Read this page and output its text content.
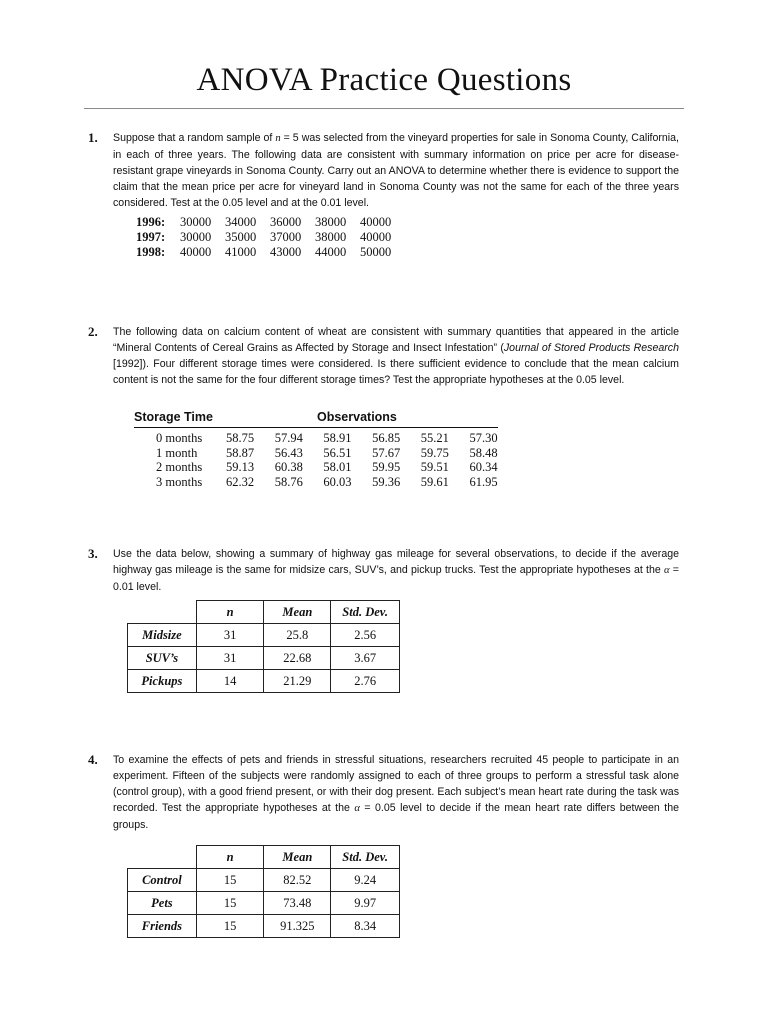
ANOVA Practice Questions
1. Suppose that a random sample of n = 5 was selected from the vineyard properties for sale in Sonoma County, California, in each of three years. The following data are consistent with summary information on price per acre for disease-resistant grape vineyards in Sonoma County. Carry out an ANOVA to determine whether there is evidence to support the claim that the mean price per acre for vineyard land in Sonoma County was not the same for each of the three years considered. Test at the 0.05 level and at the 0.01 level.
1996: 30000 34000 36000 38000 40000
1997: 30000 35000 37000 38000 40000
1998: 40000 41000 43000 44000 50000
2. The following data on calcium content of wheat are consistent with summary quantities that appeared in the article “Mineral Contents of Cereal Grains as Affected by Storage and Insect Infestation” (Journal of Stored Products Research [1992]). Four different storage times were considered. Is there sufficient evidence to conclude that the mean calcium content is not the same for the four different storage times? Test the appropriate hypotheses at the 0.05 level.
Storage Time	Observations
0 months 58.75 57.94 58.91 56.85 55.21 57.30
1 month 58.87 56.43 56.51 57.67 59.75 58.48
2 months 59.13 60.38 58.01 59.95 59.51 60.34
3 months 62.32 58.76 60.03 59.36 59.61 61.95
3. Use the data below, showing a summary of highway gas mileage for several observations, to decide if the average highway gas mileage is the same for midsize cars, SUV’s, and pickup trucks. Test the appropriate hypotheses at the α = 0.01 level.
	n	Mean	Std. Dev.
Midsize	31	25.8	2.56
SUV’s	31	22.68	3.67
Pickups	14	21.29	2.76
4. To examine the effects of pets and friends in stressful situations, researchers recruited 45 people to participate in an experiment. Fifteen of the subjects were randomly assigned to each of three groups to perform a stressful task alone (control group), with a good friend present, or with their dog present. Each subject’s mean heart rate during the task was recorded. Test the appropriate hypotheses at the α = 0.05 level to decide if the mean heart rate differs between the groups.
	n	Mean	Std. Dev.
Control	15	82.52	9.24
Pets	15	73.48	9.97
Friends	15	91.325	8.34
